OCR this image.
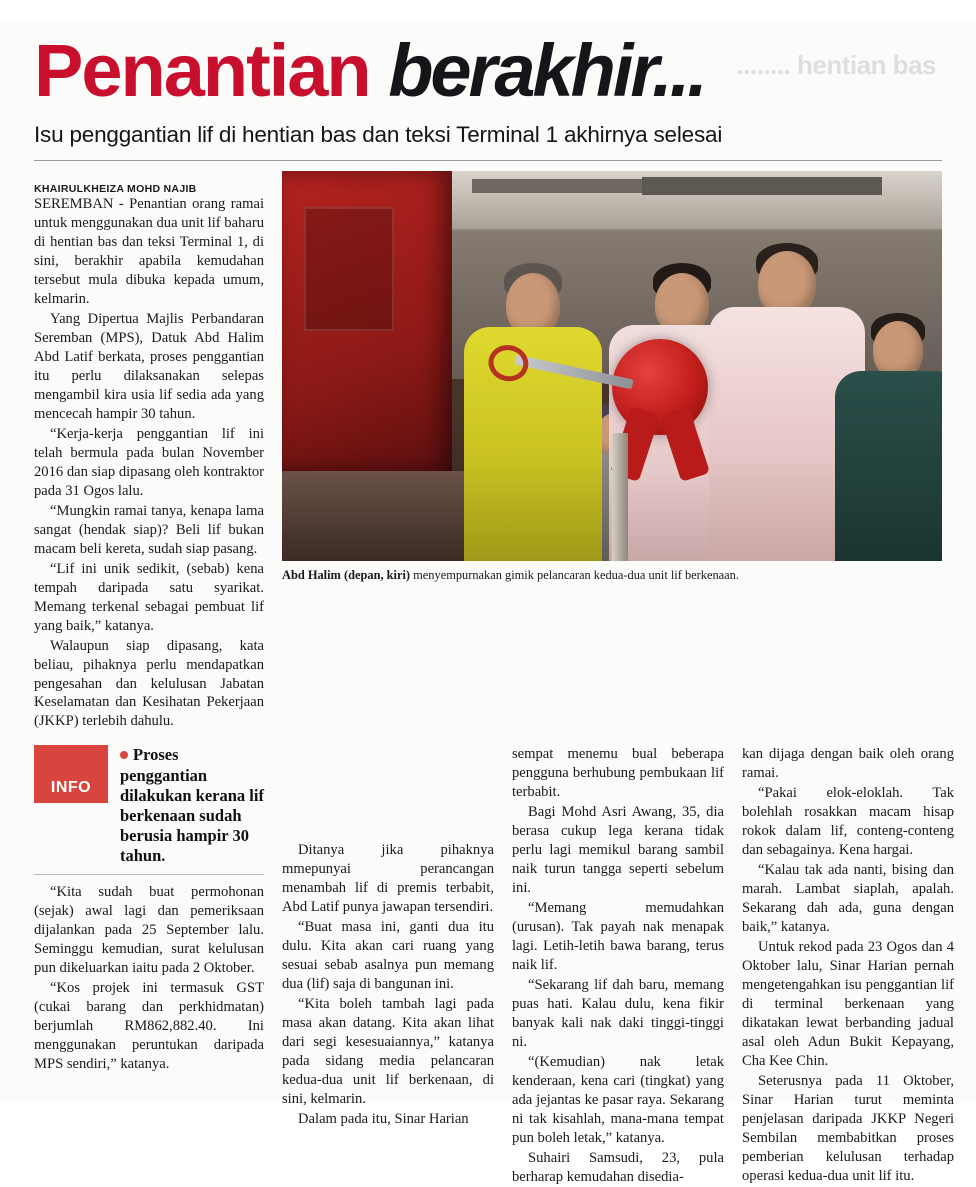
........ hentian bas
Penantian berakhir...
Isu penggantian lif di hentian bas dan teksi Terminal 1 akhirnya selesai
KHAIRULKHEIZA MOHD NAJIB

SEREMBAN - Penantian orang ramai untuk menggunakan dua unit lif baharu di hentian bas dan teksi Terminal 1, di sini, berakhir apabila kemudahan tersebut mula dibuka kepada umum, kelmarin.

Yang Dipertua Majlis Perbandaran Seremban (MPS), Datuk Abd Halim Abd Latif berkata, proses penggantian itu perlu dilaksanakan selepas mengambil kira usia lif sedia ada yang mencecah hampir 30 tahun.

“Kerja-kerja penggantian lif ini telah bermula pada bulan November 2016 dan siap dipasang oleh kontraktor pada 31 Ogos lalu.

“Mungkin ramai tanya, kenapa lama sangat (hendak siap)? Beli lif bukan macam beli kereta, sudah siap pasang.

“Lif ini unik sedikit, (sebab) kena tempah daripada satu syarikat. Memang terkenal sebagai pembuat lif yang baik,” katanya.

Walaupun siap dipasang, kata beliau, pihaknya perlu mendapatkan pengesahan dan kelulusan Jabatan Keselamatan dan Kesihatan Pekerjaan (JKKP) terlebih dahulu.

Abd Halim (depan, kiri) menyempurnakan gimik pelancaran kedua-dua unit lif berkenaan.
INFO
Proses penggantian dilakukan kerana lif berkenaan sudah berusia hampir 30 tahun.

“Kita sudah buat permohonan (sejak) awal lagi dan pemeriksaan dijalankan pada 25 September lalu. Seminggu kemudian, surat kelulusan pun dikeluarkan iaitu pada 2 Oktober.

“Kos projek ini termasuk GST (cukai barang dan perkhidmatan) berjumlah RM862,882.40. Ini menggunakan peruntukan daripada MPS sendiri,” katanya.

Ditanya jika pihaknya mmepunyai perancangan menambah lif di premis terbabit, Abd Latif punya jawapan tersendiri.

“Buat masa ini, ganti dua itu dulu. Kita akan cari ruang yang sesuai sebab asalnya pun memang dua (lif) saja di bangunan ini.

“Kita boleh tambah lagi pada masa akan datang. Kita akan lihat dari segi kesesuaiannya,” katanya pada sidang media pelancaran kedua-dua unit lif berkenaan, di sini, kelmarin.

Dalam pada itu, Sinar Harian

sempat menemu bual beberapa pengguna berhubung pembukaan lif terbabit.

Bagi Mohd Asri Awang, 35, dia berasa cukup lega kerana tidak perlu lagi memikul barang sambil naik turun tangga seperti sebelum ini.

“Memang memudahkan (urusan). Tak payah nak menapak lagi. Letih-letih bawa barang, terus naik lif.

“Sekarang lif dah baru, memang puas hati. Kalau dulu, kena fikir banyak kali nak daki tinggi-tinggi ni.

“(Kemudian) nak letak kenderaan, kena cari (tingkat) yang ada jejantas ke pasar raya. Sekarang ni tak kisahlah, mana-mana tempat pun boleh letak,” katanya.

Suhairi Samsudi, 23, pula berharap kemudahan disedia-

kan dijaga dengan baik oleh orang ramai.

“Pakai elok-eloklah. Tak bolehlah rosakkan macam hisap rokok dalam lif, conteng-conteng dan sebagainya. Kena hargai.

“Kalau tak ada nanti, bising dan marah. Lambat siaplah, apalah. Sekarang dah ada, guna dengan baik,” katanya.

Untuk rekod pada 23 Ogos dan 4 Oktober lalu, Sinar Harian pernah mengetengahkan isu penggantian lif di terminal berkenaan yang dikatakan lewat berbanding jadual asal oleh Adun Bukit Kepayang, Cha Kee Chin.

Seterusnya pada 11 Oktober, Sinar Harian turut meminta penjelasan daripada JKKP Negeri Sembilan membabitkan proses pemberian kelulusan terhadap operasi kedua-dua unit lif itu.
